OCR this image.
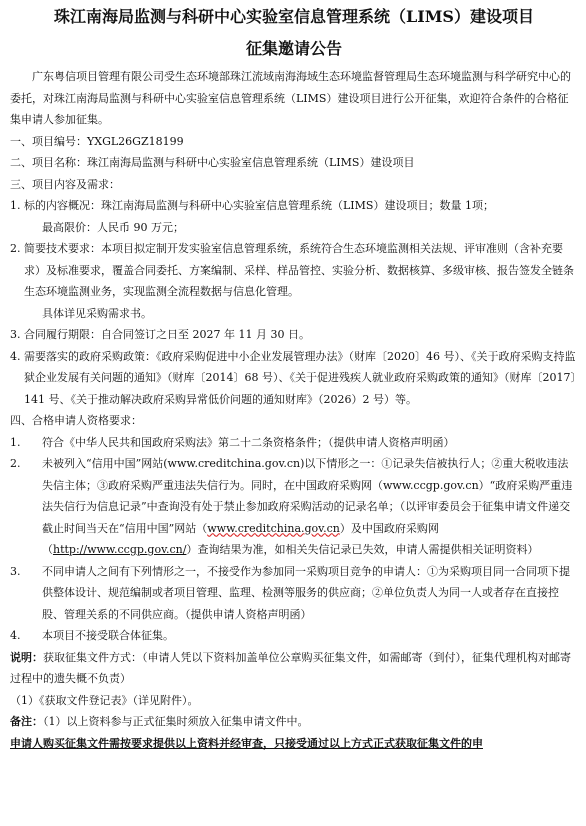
珠江南海局监测与科研中心实验室信息管理系统（LIMS）建设项目
征集邀请公告

广东粤信项目管理有限公司受生态环境部珠江流域南海海域生态环境监督管理局生态环境监测与科学研究中心的委托，对珠江南海局监测与科研中心实验室信息管理系统（LIMS）建设项目进行公开征集，欢迎符合条件的合格征集申请人参加征集。

一、项目编号：YXGL26GZ18199

二、项目名称：珠江南海局监测与科研中心实验室信息管理系统（LIMS）建设项目

三、项目内容及需求：

1. 标的内容概况：珠江南海局监测与科研中心实验室信息管理系统（LIMS）建设项目；数量 1项；

最高限价：人民币 90 万元；

2. 简要技术要求：本项目拟定制开发实验室信息管理系统，系统符合生态环境监测相关法规、评审准则（含补充要求）及标准要求，覆盖合同委托、方案编制、采样、样品管控、实验分析、数据核算、多级审核、报告签发全链条生态环境监测业务，实现监测全流程数据与信息化管理。

具体详见采购需求书。

3. 合同履行期限：自合同签订之日至 2027 年 11 月 30 日。

4. 需要落实的政府采购政策：《政府采购促进中小企业发展管理办法》（财库〔2020〕46 号）、《关于政府采购支持监狱企业发展有关问题的通知》（财库〔2014〕68 号）、《关于促进残疾人就业政府采购政策的通知》（财库〔2017〕141 号、《关于推动解决政府采购异常低价问题的通知财库》（2026）2 号）等。

四、合格申请人资格要求：

1.	符合《中华人民共和国政府采购法》第二十二条资格条件；（提供申请人资格声明函）

2.	未被列入“信用中国”网站(www.creditchina.gov.cn)以下情形之一：①记录失信被执行人；②重大税收违法失信主体；③政府采购严重违法失信行为。同时，在中国政府采购网（www.ccgp.gov.cn）“政府采购严重违法失信行为信息记录”中查询没有处于禁止参加政府采购活动的记录名单；（以评审委员会于征集申请文件递交截止时间当天在“信用中国”网站（www.creditchina.gov.cn）及中国政府采购网（http://www.ccgp.gov.cn/）查询结果为准，如相关失信记录已失效，申请人需提供相关证明资料）

3.	不同申请人之间有下列情形之一，不接受作为参加同一采购项目竞争的申请人：①为采购项目同一合同项下提供整体设计、规范编制或者项目管理、监理、检测等服务的供应商；②单位负责人为同一人或者存在直接控股、管理关系的不同供应商。（提供申请人资格声明函）

4.	本项目不接受联合体征集。

说明：获取征集文件方式：（申请人凭以下资料加盖单位公章购买征集文件，如需邮寄（到付），征集代理机构对邮寄过程中的遗失概不负责）

（1）《获取文件登记表》（详见附件）。

备注：（1）以上资料参与正式征集时须放入征集申请文件中。

申请人购买征集文件需按要求提供以上资料并经审查，只接受通过以上方式正式获取征集文件的申
